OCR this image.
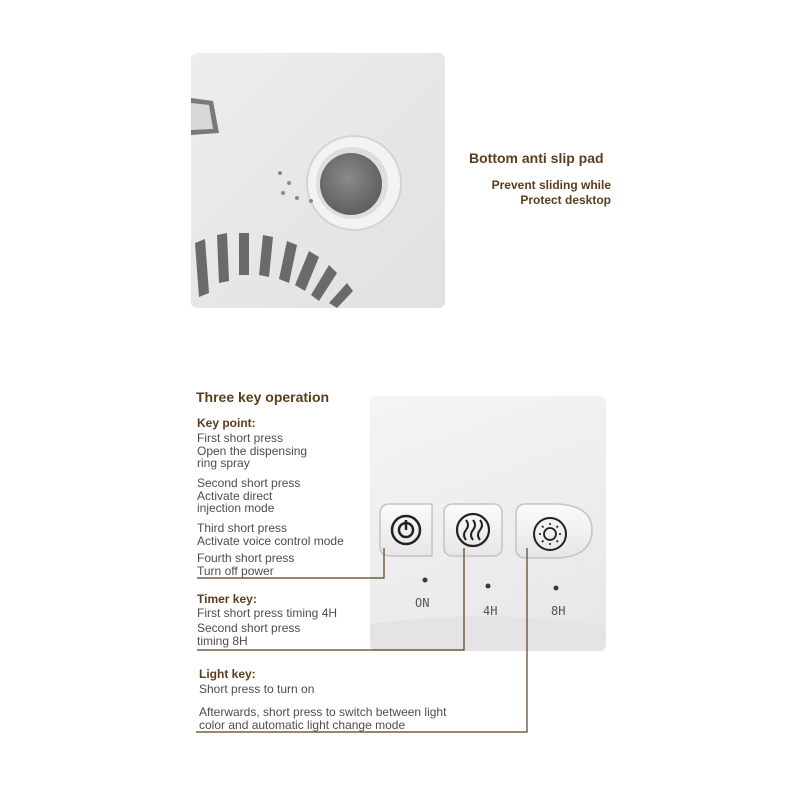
Bottom anti slip pad
Prevent sliding while
Protect desktop
ON
4H	8H
Three key operation
Key point:
First short press
Open the dispensing
ring spray
Second short press
Activate direct
injection mode
Third short press
Activate voice control mode
Fourth short press
Turn off power
Timer key:
First short press timing 4H
Second short press
timing 8H
Light key:
Short press to turn on
Afterwards, short press to switch between light
color and automatic light change mode
